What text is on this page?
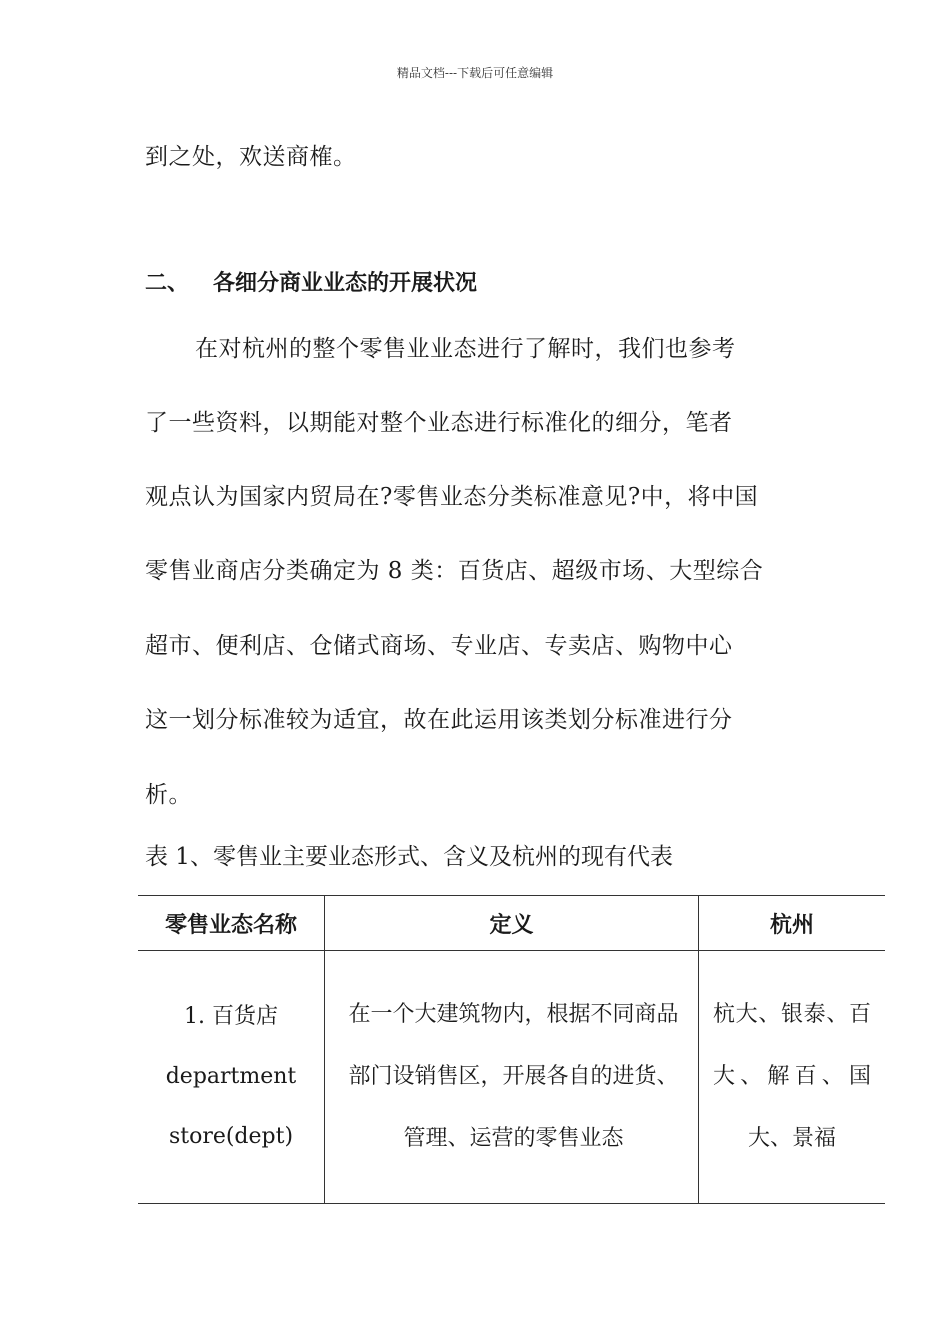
精品文档---下载后可任意编辑
到之处，欢送商榷。
二、 各细分商业业态的开展状况
在对杭州的整个零售业业态进行了解时，我们也参考
了一些资料，以期能对整个业态进行标准化的细分，笔者
观点认为国家内贸局在?零售业态分类标准意见?中，将中国
零售业商店分类确定为 8 类：百货店、超级市场、大型综合
超市、便利店、仓储式商场、专业店、专卖店、购物中心
这一划分标准较为适宜，故在此运用该类划分标准进行分
析。
表 1、零售业主要业态形式、含义及杭州的现有代表
零售业态名称	定义	杭州

1. 百货店
department
store(dept)	在一个大建筑物内，根据不同商品部门设销售区，开展各自的进货、管理、运营的零售业态	杭大、银泰、百大、解百、国大、景福
